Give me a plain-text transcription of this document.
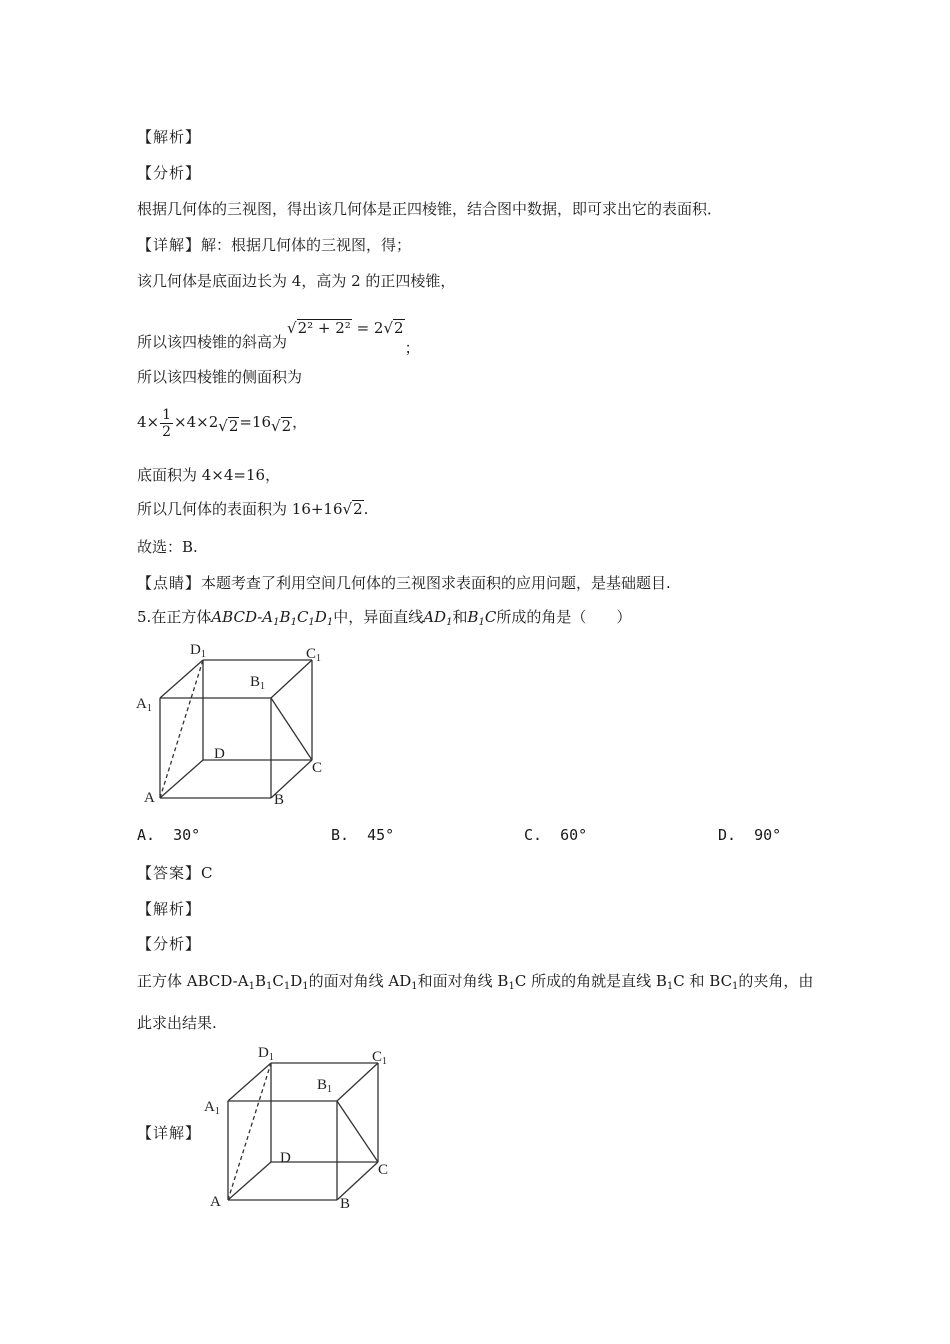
【解析】
【分析】
根据几何体的三视图，得出该几何体是正四棱锥，结合图中数据，即可求出它的表面积．
【详解】解：根据几何体的三视图，得；
该几何体是底面边长为 4，高为 2 的正四棱锥，
所以该四棱锥的斜高为√2² + 2² = 2√2；
所以该四棱锥的侧面积为
$4\times \frac{1}{2} \times 4\times 2√2=16√2$，
底面积为 4×4=16，
所以几何体的表面积为 16+16√2.
故选：B.
【点睛】本题考查了利用空间几何体的三视图求表面积的应用问题，是基础题目.
5.在正方体ABCD-$A_1B_1C_1D_1$中，异面直线$AD_1$和$B_1C$所成的角是（　　）
$D_1$	$C_1$
$B_1$
$A_1$
D
C
A	B
A. 30°	B. 45°	C. 60°	D. 90°
【答案】C
【解析】
【分析】
正方体 ABCD-$A_1B_1C_1D_1$的面对角线 $AD_1$和面对角线 $B_1C$ 所成的角就是直线 $B_1C$ 和 $BC_1$的夹角，由
此求出结果.
【详解】
$D_1$	$C_1$
$B_1$
$A_1$
D
C
A	B
